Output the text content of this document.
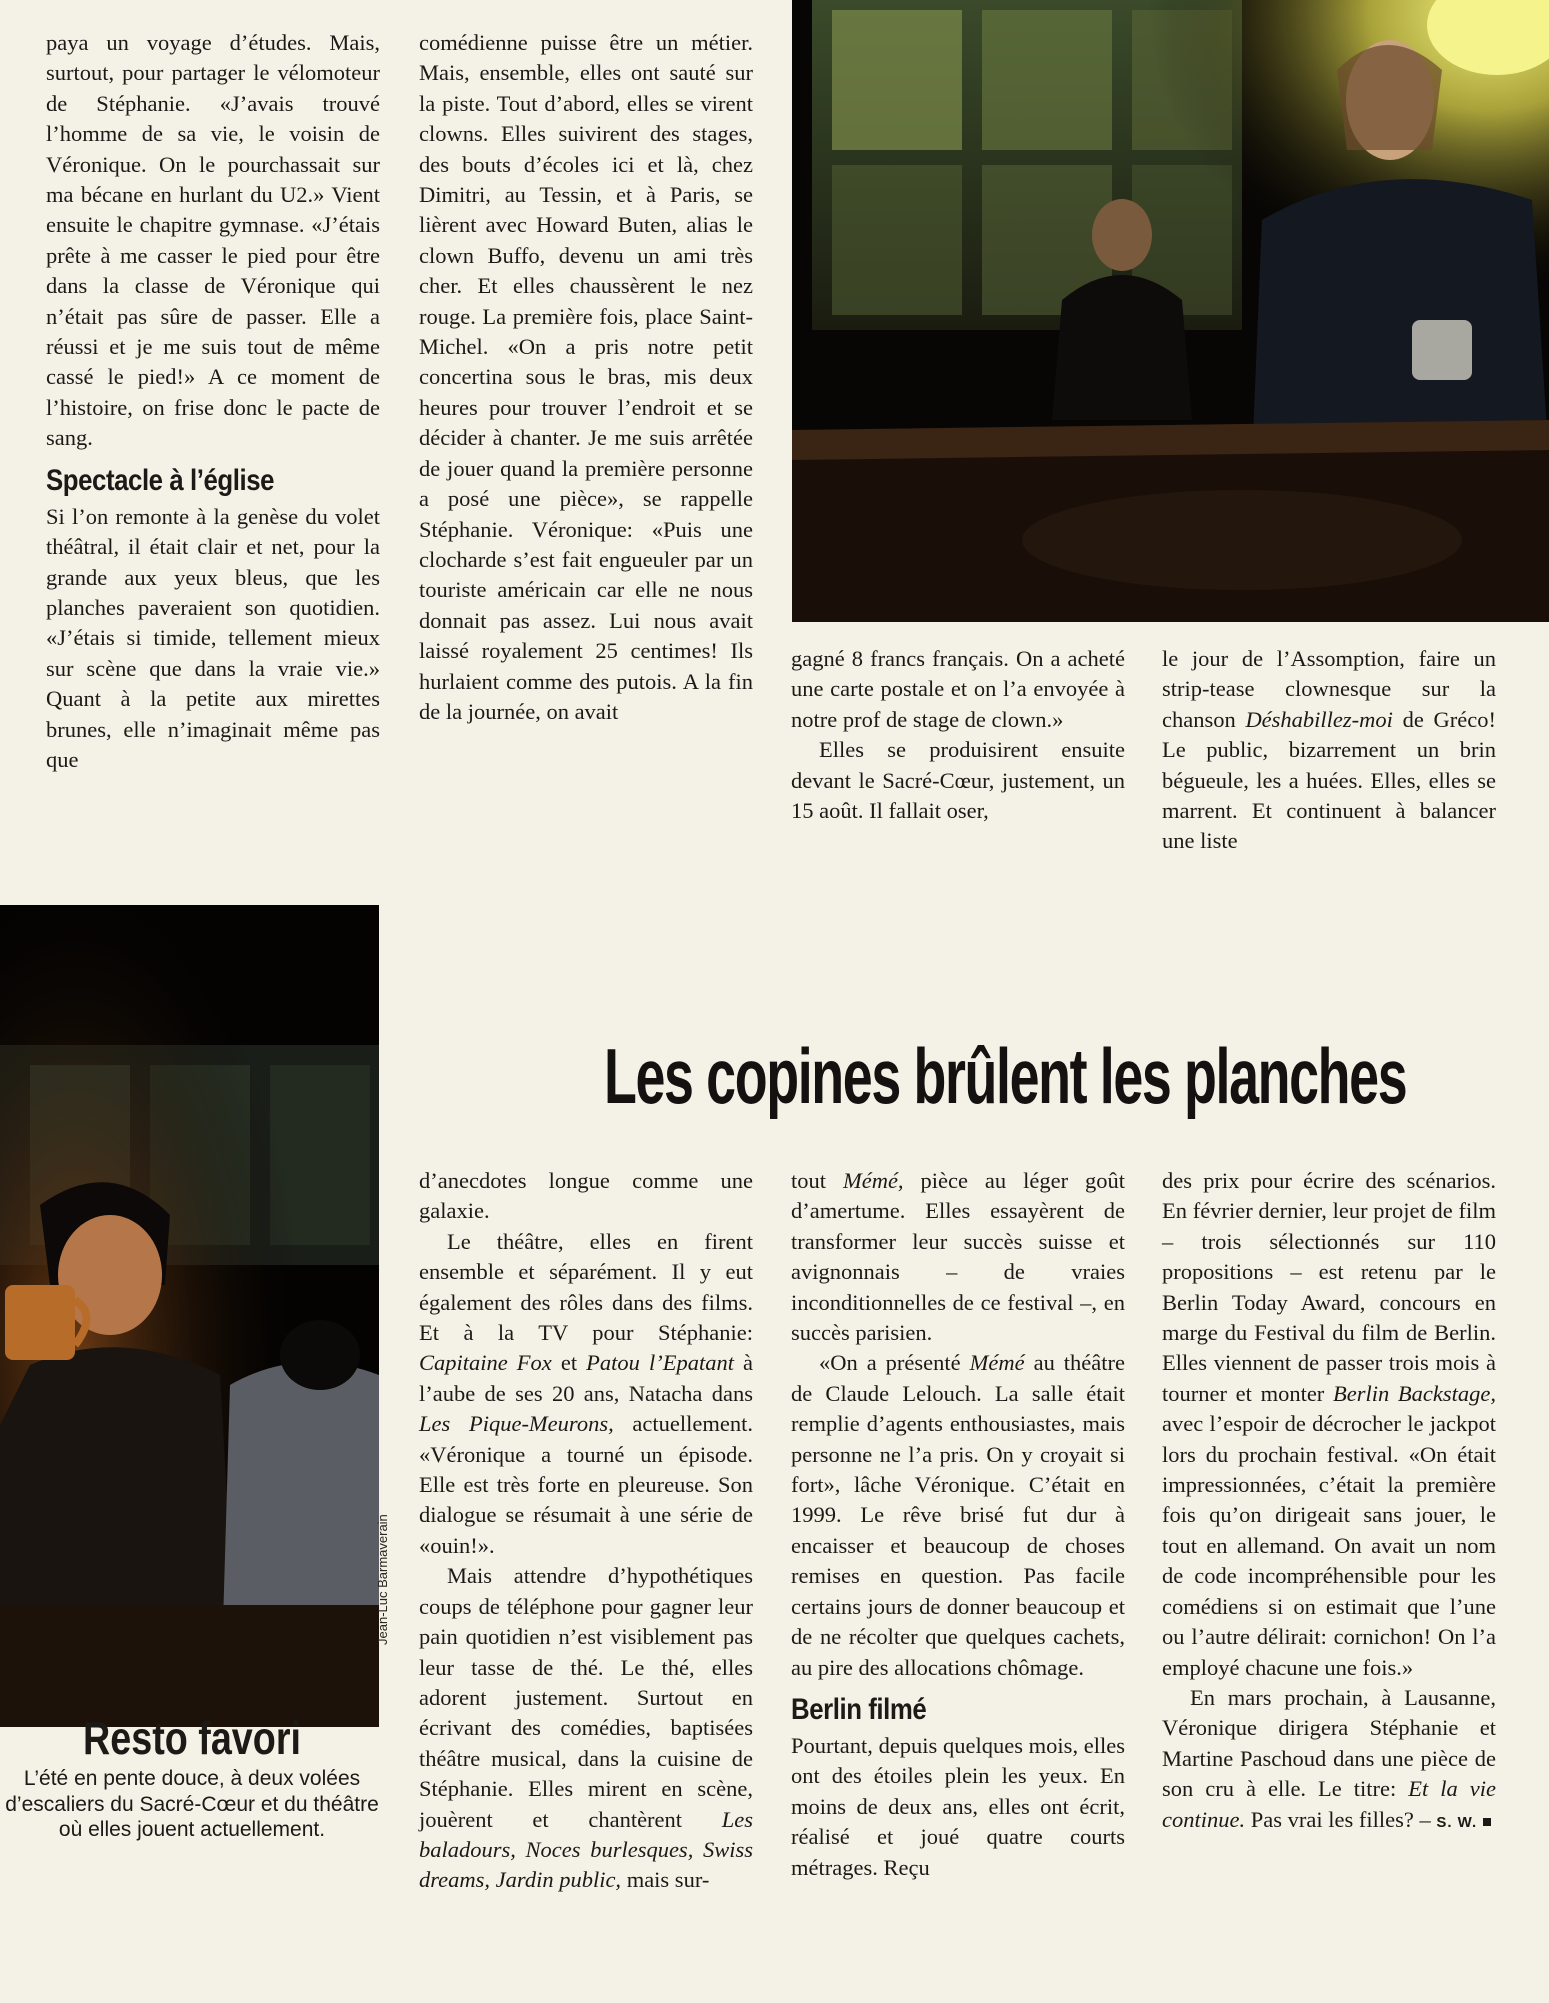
paya un voyage d’études. Mais, surtout, pour partager le vélomoteur de Stéphanie. «J’avais trouvé l’homme de sa vie, le voisin de Véronique. On le pourchassait sur ma bécane en hurlant du U2.» Vient ensuite le chapitre gymnase. «J’étais prête à me casser le pied pour être dans la classe de Véronique qui n’était pas sûre de passer. Elle a réussi et je me suis tout de même cassé le pied!» A ce moment de l’histoire, on frise donc le pacte de sang.

Spectacle à l’église

Si l’on remonte à la genèse du volet théâtral, il était clair et net, pour la grande aux yeux bleus, que les planches paveraient son quotidien. «J’étais si timide, tellement mieux sur scène que dans la vraie vie.» Quant à la petite aux mirettes brunes, elle n’imaginait même pas que

comédienne puisse être un métier. Mais, ensemble, elles ont sauté sur la piste. Tout d’abord, elles se virent clowns. Elles suivirent des stages, des bouts d’écoles ici et là, chez Dimitri, au Tessin, et à Paris, se lièrent avec Howard Buten, alias le clown Buffo, devenu un ami très cher. Et elles chaussèrent le nez rouge. La première fois, place Saint-Michel. «On a pris notre petit concertina sous le bras, mis deux heures pour trouver l’endroit et se décider à chanter. Je me suis arrêtée de jouer quand la première personne a posé une pièce», se rappelle Stéphanie. Véronique: «Puis une clocharde s’est fait engueuler par un touriste américain car elle ne nous donnait pas assez. Lui nous avait laissé royalement 25 centimes! Ils hurlaient comme des putois. A la fin de la journée, on avait

gagné 8 francs français. On a acheté une carte postale et on l’a envoyée à notre prof de stage de clown.»

Elles se produisirent ensuite devant le Sacré-Cœur, justement, un 15 août. Il fallait oser,

le jour de l’Assomption, faire un strip-tease clownesque sur la chanson Déshabillez-moi de Gréco! Le public, bizarrement un brin bégueule, les a huées. Elles, elles se marrent. Et continuent à balancer une liste

Jean-Luc Barmaverain
Resto favori
L’été en pente douce, à deux volées d’escaliers du Sacré-Cœur et du théâtre où elles jouent actuellement.
Les copines brûlent les planches

d’anecdotes longue comme une galaxie.

Le théâtre, elles en firent ensemble et séparément. Il y eut également des rôles dans des films. Et à la TV pour Stéphanie: Capitaine Fox et Patou l’Epatant à l’aube de ses 20 ans, Natacha dans Les Pique-Meurons, actuellement. «Véronique a tourné un épisode. Elle est très forte en pleureuse. Son dialogue se résumait à une série de «ouin!».

Mais attendre d’hypothétiques coups de téléphone pour gagner leur pain quotidien n’est visiblement pas leur tasse de thé. Le thé, elles adorent justement. Surtout en écrivant des comédies, baptisées théâtre musical, dans la cuisine de Stéphanie. Elles mirent en scène, jouèrent et chantèrent Les baladours, Noces burlesques, Swiss dreams, Jardin public, mais sur-

tout Mémé, pièce au léger goût d’amertume. Elles essayèrent de transformer leur succès suisse et avignonnais – de vraies inconditionnelles de ce festival –, en succès parisien.

«On a présenté Mémé au théâtre de Claude Lelouch. La salle était remplie d’agents enthousiastes, mais personne ne l’a pris. On y croyait si fort», lâche Véronique. C’était en 1999. Le rêve brisé fut dur à encaisser et beaucoup de choses remises en question. Pas facile certains jours de donner beaucoup et de ne récolter que quelques cachets, au pire des allocations chômage.

Berlin filmé

Pourtant, depuis quelques mois, elles ont des étoiles plein les yeux. En moins de deux ans, elles ont écrit, réalisé et joué quatre courts métrages. Reçu

des prix pour écrire des scénarios. En février dernier, leur projet de film – trois sélectionnés sur 110 propositions – est retenu par le Berlin Today Award, concours en marge du Festival du film de Berlin. Elles viennent de passer trois mois à tourner et monter Berlin Backstage, avec l’espoir de décrocher le jackpot lors du prochain festival. «On était impressionnées, c’était la première fois qu’on dirigeait sans jouer, le tout en allemand. On avait un nom de code incompréhensible pour les comédiens si on estimait que l’une ou l’autre délirait: cornichon! On l’a employé chacune une fois.»

En mars prochain, à Lausanne, Véronique dirigera Stéphanie et Martine Paschoud dans une pièce de son cru à elle. Le titre: Et la vie continue. Pas vrai les filles? – S. W.
